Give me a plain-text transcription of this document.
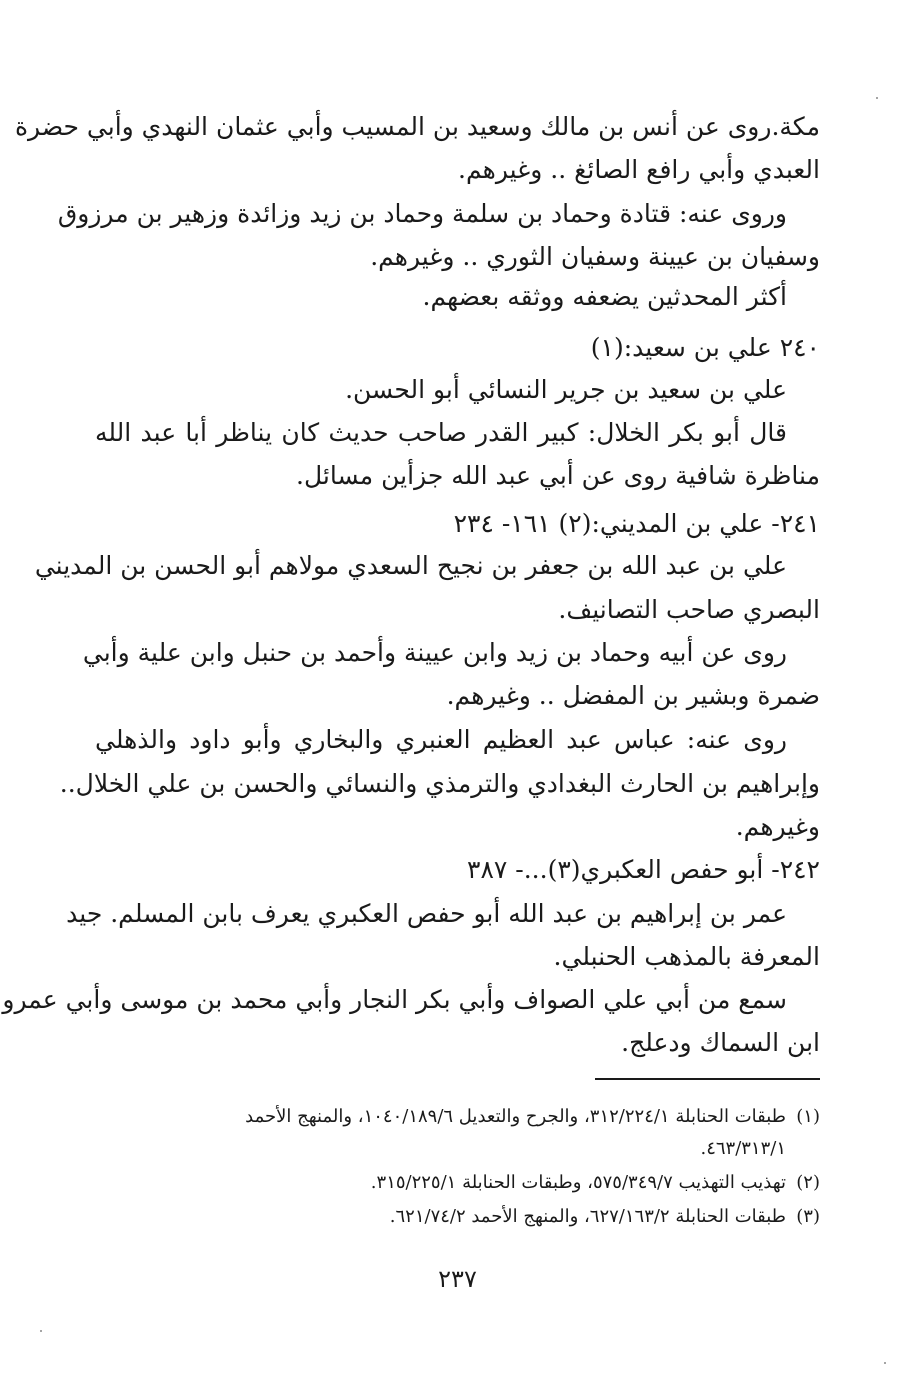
مكة.روى عن أنس بن مالك وسعيد بن المسيب وأبي عثمان النهدي وأبي حضرة
العبدي وأبي رافع الصائغ .. وغيرهم.
وروى عنه: قتادة وحماد بن سلمة وحماد بن زيد وزائدة وزهير بن مرزوق
وسفيان بن عيينة وسفيان الثوري .. وغيرهم.
أكثر المحدثين يضعفه ووثقه بعضهم.
٢٤٠ علي بن سعيد:(١)
علي بن سعيد بن جرير النسائي أبو الحسن.
قال أبو بكر الخلال: كبير القدر صاحب حديث كان يناظر أبا عبد الله
مناظرة شافية روى عن أبي عبد الله جزأين مسائل.
٢٤١- علي بن المديني:(٢) ١٦١- ٢٣٤
علي بن عبد الله بن جعفر بن نجيح السعدي مولاهم أبو الحسن بن المديني
البصري صاحب التصانيف.
روى عن أبيه وحماد بن زيد وابن عيينة وأحمد بن حنبل وابن علية وأبي
ضمرة وبشير بن المفضل .. وغيرهم.
روى عنه: عباس عبد العظيم العنبري والبخاري وأبو داود والذهلي
وإبراهيم بن الحارث البغدادي والترمذي والنسائي والحسن بن علي الخلال..
وغيرهم.
٢٤٢- أبو حفص العكبري(٣)...- ٣٨٧
عمر بن إبراهيم بن عبد الله أبو حفص العكبري يعرف بابن المسلم. جيد
المعرفة بالمذهب الحنبلي.
سمع من أبي علي الصواف وأبي بكر النجار وأبي محمد بن موسى وأبي عمرو
ابن السماك ودعلج.
(١)طبقات الحنابلة ٣١٢/٢٢٤/١، والجرح والتعديل ١٠٤٠/١٨٩/٦، والمنهج الأحمد
٤٦٣/٣١٣/١.
(٢)تهذيب التهذيب ٥٧٥/٣٤٩/٧، وطبقات الحنابلة ٣١٥/٢٢٥/١.
(٣)طبقات الحنابلة ٦٢٧/١٦٣/٢، والمنهج الأحمد ٦٢١/٧٤/٢.
٢٣٧
